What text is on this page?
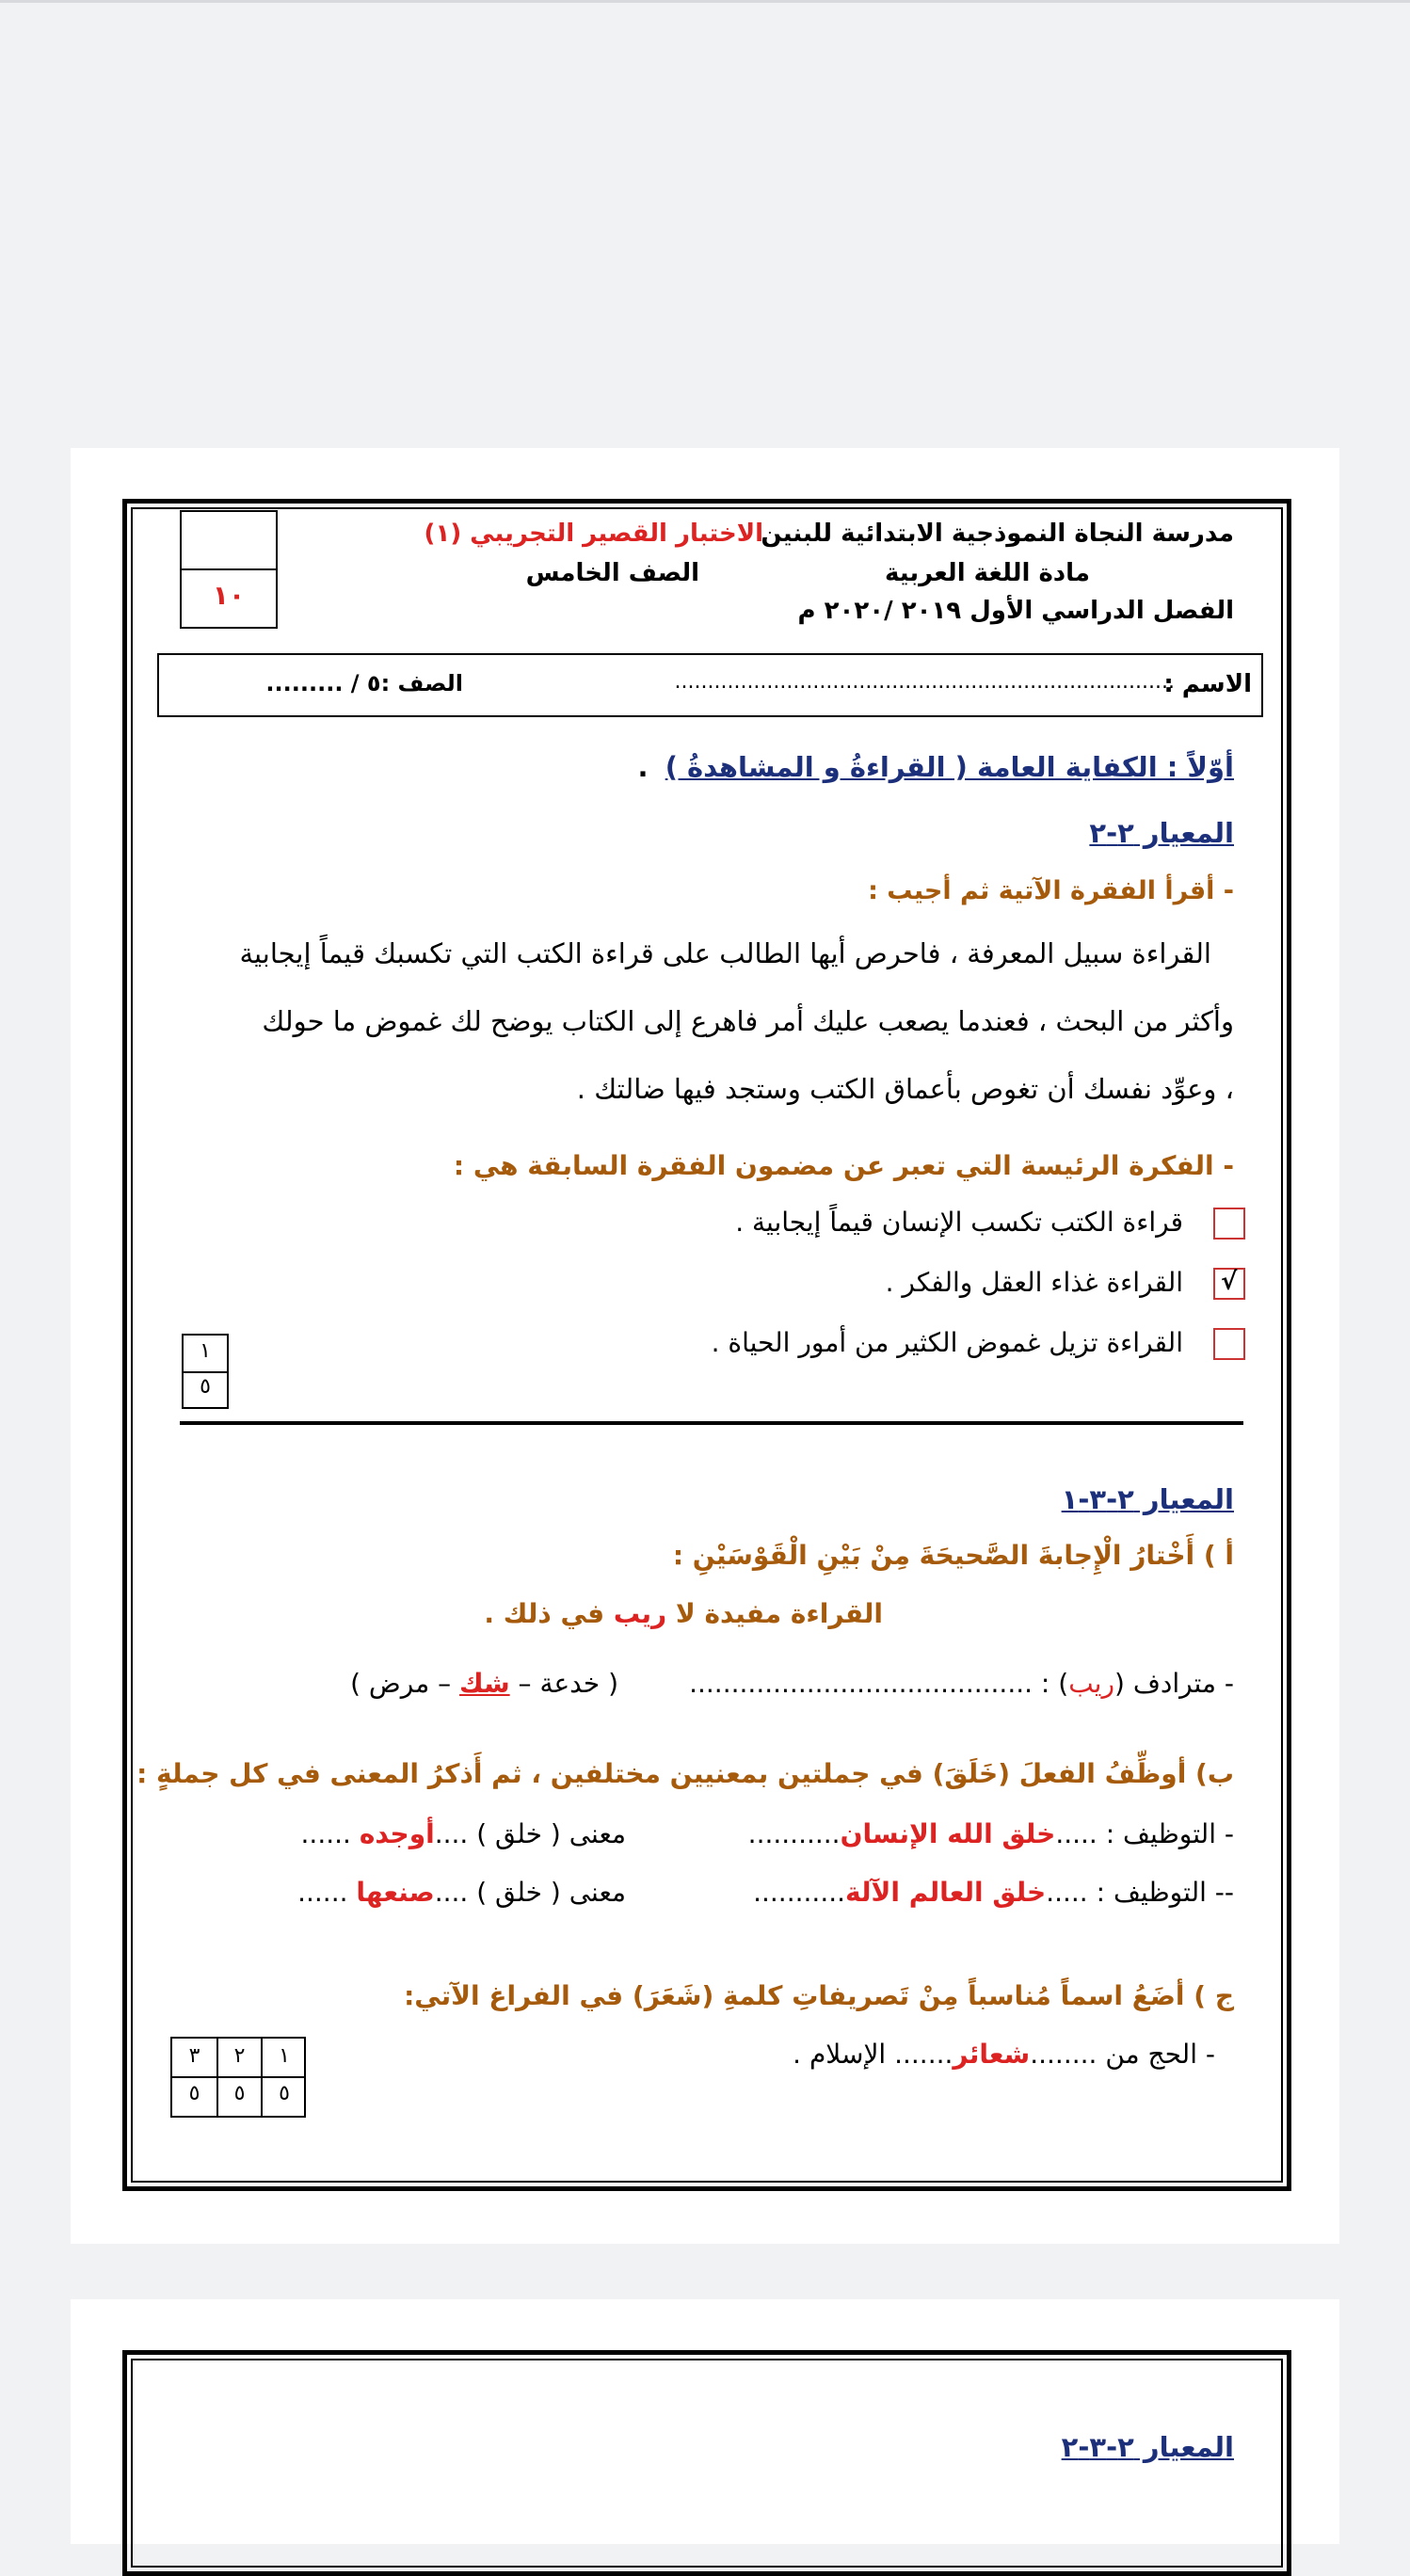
مدرسة النجاة النموذجية الابتدائية للبنين
مادة اللغة العربية
الفصل الدراسي الأول ٢٠١٩ /٢٠٢٠ م
الاختبار القصير التجريبي (١)
الصف الخامس
١٠
الاسم :
............................................................................
الصف :٥ / .........
أوّلاً : الكفاية العامة ( القراءةُ و المشاهدةُ ) .
المعيار ٢-٢
- أقرأ الفقرة الآتية ثم أجيب :
القراءة سبيل المعرفة ، فاحرص أيها الطالب على قراءة الكتب التي تكسبك قيماً إيجابية
وأكثر من البحث ، فعندما يصعب عليك أمر فاهرع إلى الكتاب يوضح لك غموض ما حولك
، وعوِّد نفسك أن تغوص بأعماق الكتب وستجد فيها ضالتك .
- الفكرة الرئيسة التي تعبر عن مضمون الفقرة السابقة هي :
قراءة الكتب تكسب الإنسان قيماً إيجابية .
√
القراءة غذاء العقل والفكر .
القراءة تزيل غموض الكثير من أمور الحياة .
١
٥
المعيار ٢-٣-١
أ ) أَخْتارُ الْإِجابةَ الصَّحيحَةَ مِنْ بَيْنِ الْقَوْسَيْنِ :
القراءة مفيدة لا ريب في ذلك .
- مترادف (ريب) : .........................................
( خدعة – شك – مرض )
ب) أوظِّفُ الفعلَ (خَلَقَ) في جملتين بمعنيين مختلفين ، ثم أَذكرُ المعنى في كل جملةٍ :
- التوظيف : .....خلق الله الإنسان...........
معنى ( خلق ) ....أوجده ......
-- التوظيف : .....خلق العالم الآلة...........
معنى ( خلق ) ....صنعها ......
ج ) أضَعُ اسماً مُناسباً مِنْ تَصريفاتِ كلمةِ (شَعَرَ) في الفراغ الآتي:
- الحج من ........شعائر....... الإسلام .
١
٢
٣
٥
٥
٥
المعيار ٢-٣-٢
